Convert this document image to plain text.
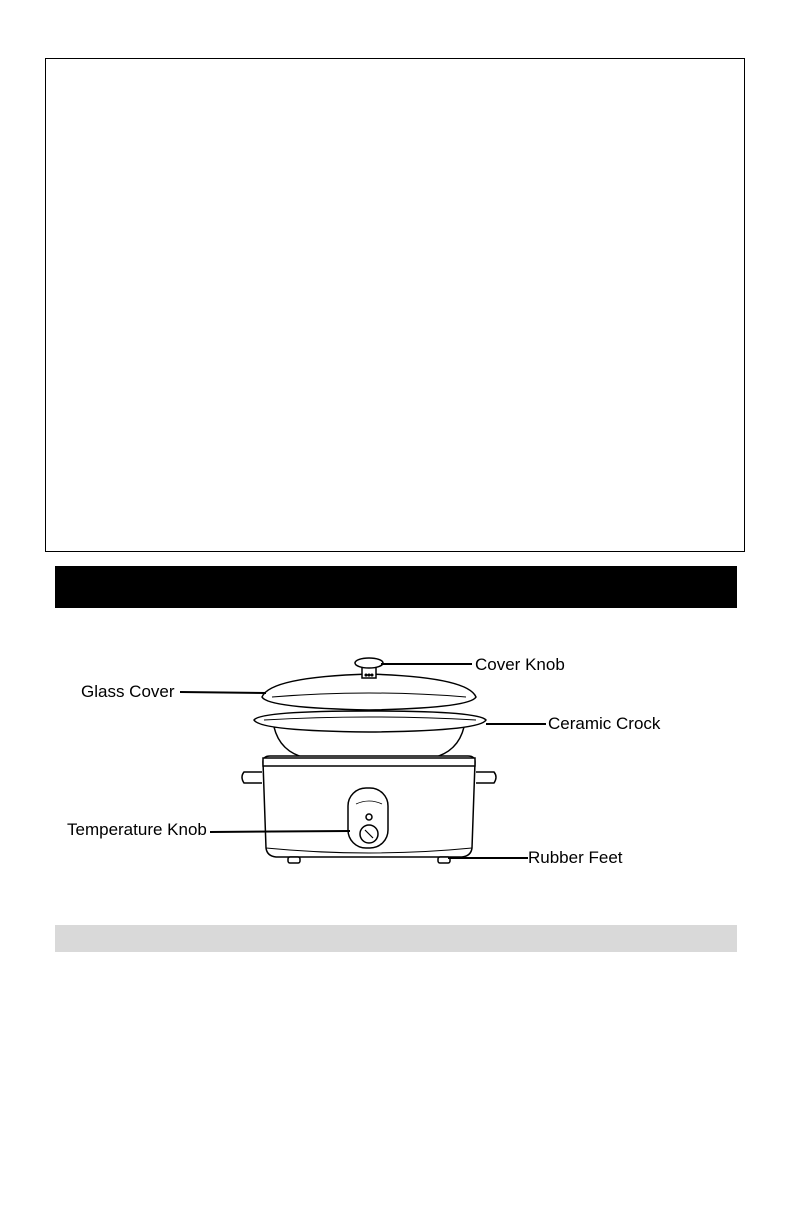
Cover Knob
Glass Cover
Ceramic Crock
Temperature Knob
Rubber Feet
